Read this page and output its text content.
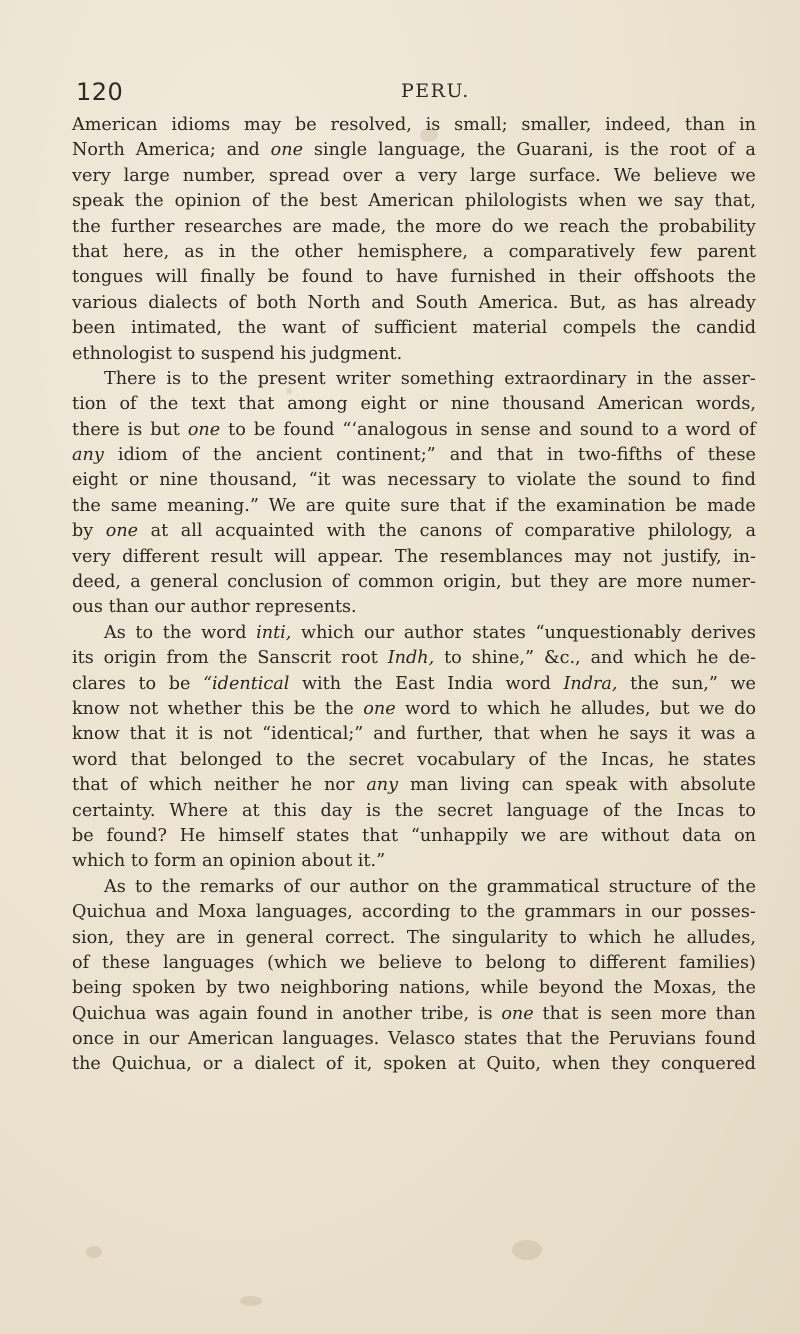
120	PERU.
American idioms may be resolved, is small; smaller, indeed, than in
North America; and one single language, the Guarani, is the root of a
very large number, spread over a very large surface. We believe we
speak the opinion of the best American philologists when we say that,
the further researches are made, the more do we reach the probability
that here, as in the other hemisphere, a comparatively few parent
tongues will finally be found to have furnished in their offshoots the
various dialects of both North and South America. But, as has already
been intimated, the want of sufficient material compels the candid
ethnologist to suspend his judgment.
There is to the present writer something extraordinary in the asser-
tion of the text that among eight or nine thousand American words,
there is but one to be found “‘analogous in sense and sound to a word of
any idiom of the ancient continent;” and that in two-fifths of these
eight or nine thousand, “it was necessary to violate the sound to find
the same meaning.” We are quite sure that if the examination be made
by one at all acquainted with the canons of comparative philology, a
very different result will appear. The resemblances may not justify, in-
deed, a general conclusion of common origin, but they are more numer-
ous than our author represents.
As to the word inti, which our author states “unquestionably derives
its origin from the Sanscrit root Indh, to shine,” &c., and which he de-
clares to be “identical with the East India word Indra, the sun,” we
know not whether this be the one word to which he alludes, but we do
know that it is not “identical;” and further, that when he says it was a
word that belonged to the secret vocabulary of the Incas, he states
that of which neither he nor any man living can speak with absolute
certainty. Where at this day is the secret language of the Incas to
be found? He himself states that “unhappily we are without data on
which to form an opinion about it.”
As to the remarks of our author on the grammatical structure of the
Quichua and Moxa languages, according to the grammars in our posses-
sion, they are in general correct. The singularity to which he alludes,
of these languages (which we believe to belong to different families)
being spoken by two neighboring nations, while beyond the Moxas, the
Quichua was again found in another tribe, is one that is seen more than
once in our American languages. Velasco states that the Peruvians found
the Quichua, or a dialect of it, spoken at Quito, when they conquered
